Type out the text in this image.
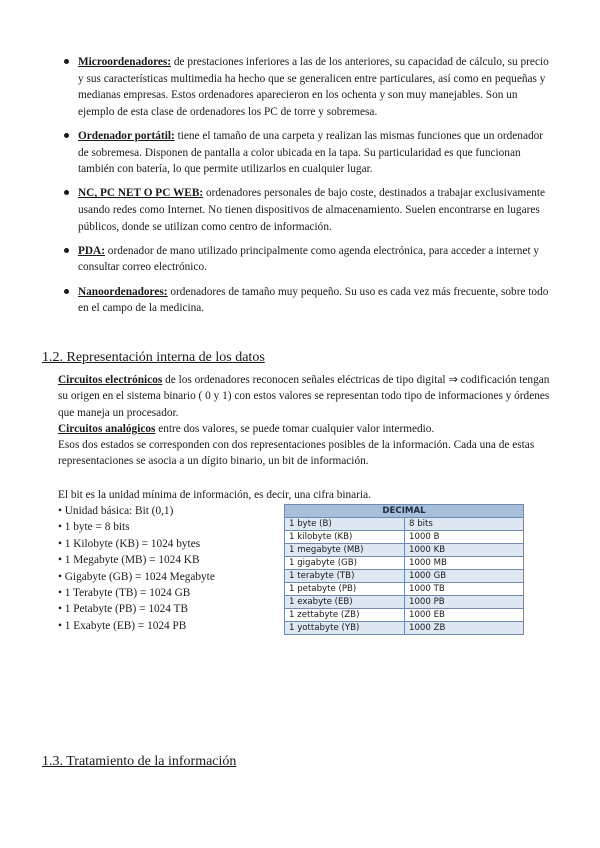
Microordenadores: de prestaciones inferiores a las de los anteriores, su capacidad de cálculo, su precio y sus características multimedia ha hecho que se generalicen entre particulares, así como en pequeñas y medianas empresas. Estos ordenadores aparecieron en los ochenta y son muy manejables. Son un ejemplo de esta clase de ordenadores los PC de torre y sobremesa.
Ordenador portátil: tiene el tamaño de una carpeta y realizan las mismas funciones que un ordenador de sobremesa. Disponen de pantalla a color ubicada en la tapa. Su particularidad es que funcionan también con batería, lo que permite utilizarlos en cualquier lugar.
NC, PC NET O PC WEB: ordenadores personales de bajo coste, destinados a trabajar exclusivamente usando redes como Internet. No tienen dispositivos de almacenamiento. Suelen encontrarse en lugares públicos, donde se utilizan como centro de información.
PDA: ordenador de mano utilizado principalmente como agenda electrónica, para acceder a internet y consultar correo electrónico.
Nanoordenadores: ordenadores de tamaño muy pequeño. Su uso es cada vez más frecuente, sobre todo en el campo de la medicina.
1.2. Representación interna de los datos
Circuitos electrónicos de los ordenadores reconocen señales eléctricas de tipo digital ⇒ codificación tengan su origen en el sistema binario ( 0 y 1) con estos valores se representan todo tipo de informaciones y órdenes que maneja un procesador.
Circuitos analógicos entre dos valores, se puede tomar cualquier valor intermedio.
Esos dos estados se corresponden con dos representaciones posibles de la información. Cada una de estas representaciones se asocia a un dígito binario, un bit de información.
El bit es la unidad mínima de información, es decir, una cifra binaria.
• Unidad básica: Bit (0,1)
• 1 byte = 8 bits
• 1 Kilobyte (KB) = 1024 bytes
• 1 Megabyte (MB) = 1024 KB
• Gigabyte (GB) = 1024 Megabyte
• 1 Terabyte (TB) = 1024 GB
• 1 Petabyte (PB) = 1024 TB
• 1 Exabyte (EB) = 1024 PB
DECIMAL	
1 byte (B)	8 bits
1 kilobyte (KB)	1000 B
1 megabyte (MB)	1000 KB
1 gigabyte (GB)	1000 MB
1 terabyte (TB)	1000 GB
1 petabyte (PB)	1000 TB
1 exabyte (EB)	1000 PB
1 zettabyte (ZB)	1000 EB
1 yottabyte (YB)	1000 ZB
1.3. Tratamiento de la información
